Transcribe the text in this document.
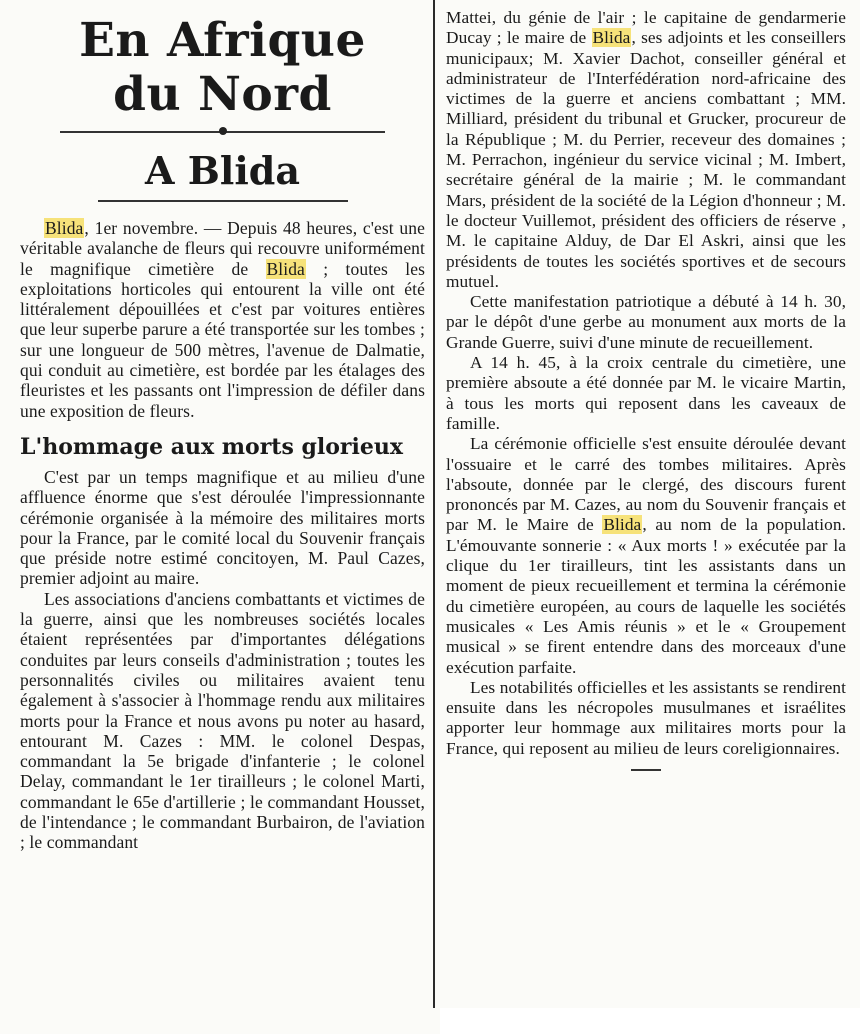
En Afrique
du Nord
A Blida

Blida, 1er novembre. — Depuis 48 heures, c'est une véritable avalanche de fleurs qui recouvre uniformément le magnifique cimetière de Blida ; toutes les exploitations horticoles qui entourent la ville ont été littéralement dépouillées et c'est par voitures entières que leur superbe parure a été transportée sur les tombes ; sur une longueur de 500 mètres, l'avenue de Dalmatie, qui conduit au cimetière, est bordée par les étalages des fleuristes et les passants ont l'impression de défiler dans une exposition de fleurs.

L'hommage aux morts glorieux

C'est par un temps magnifique et au milieu d'une affluence énorme que s'est déroulée l'impressionnante cérémonie organisée à la mémoire des militaires morts pour la France, par le comité local du Souvenir français que préside notre estimé concitoyen, M. Paul Cazes, premier adjoint au maire.

Les associations d'anciens combattants et victimes de la guerre, ainsi que les nombreuses sociétés locales étaient représentées par d'importantes délégations conduites par leurs conseils d'administration ; toutes les personnalités civiles ou militaires avaient tenu également à s'associer à l'hommage rendu aux militaires morts pour la France et nous avons pu noter au hasard, entourant M. Cazes : MM. le colonel Despas, commandant la 5e brigade d'infanterie ; le colonel Delay, commandant le 1er tirailleurs ; le colonel Marti, commandant le 65e d'artillerie ; le commandant Housset, de l'intendance ; le commandant Burbairon, de l'aviation ; le commandant

Mattei, du génie de l'air ; le capitaine de gendarmerie Ducay ; le maire de Blida, ses adjoints et les conseillers municipaux; M. Xavier Dachot, conseiller général et administrateur de l'Interfédération nord-africaine des victimes de la guerre et anciens combattant ; MM. Milliard, président du tribunal et Grucker, procureur de la République ; M. du Perrier, receveur des domaines ; M. Perrachon, ingénieur du service vicinal ; M. Imbert, secrétaire général de la mairie ; M. le commandant Mars, président de la société de la Légion d'honneur ; M. le docteur Vuillemot, président des officiers de réserve , M. le capitaine Alduy, de Dar El Askri, ainsi que les présidents de toutes les sociétés sportives et de secours mutuel.

Cette manifestation patriotique a débuté à 14 h. 30, par le dépôt d'une gerbe au monument aux morts de la Grande Guerre, suivi d'une minute de recueillement.

A 14 h. 45, à la croix centrale du cimetière, une première absoute a été donnée par M. le vicaire Martin, à tous les morts qui reposent dans les caveaux de famille.

La cérémonie officielle s'est ensuite déroulée devant l'ossuaire et le carré des tombes militaires. Après l'absoute, donnée par le clergé, des discours furent prononcés par M. Cazes, au nom du Souvenir français et par M. le Maire de Blida, au nom de la population. L'émouvante sonnerie : « Aux morts ! » exécutée par la clique du 1er tirailleurs, tint les assistants dans un moment de pieux recueillement et termina la cérémonie du cimetière européen, au cours de laquelle les sociétés musicales « Les Amis réunis » et le « Groupement musical » se firent entendre dans des morceaux d'une exécution parfaite.

Les notabilités officielles et les assistants se rendirent ensuite dans les nécropoles musulmanes et israélites apporter leur hommage aux militaires morts pour la France, qui reposent au milieu de leurs coreligionnaires.
